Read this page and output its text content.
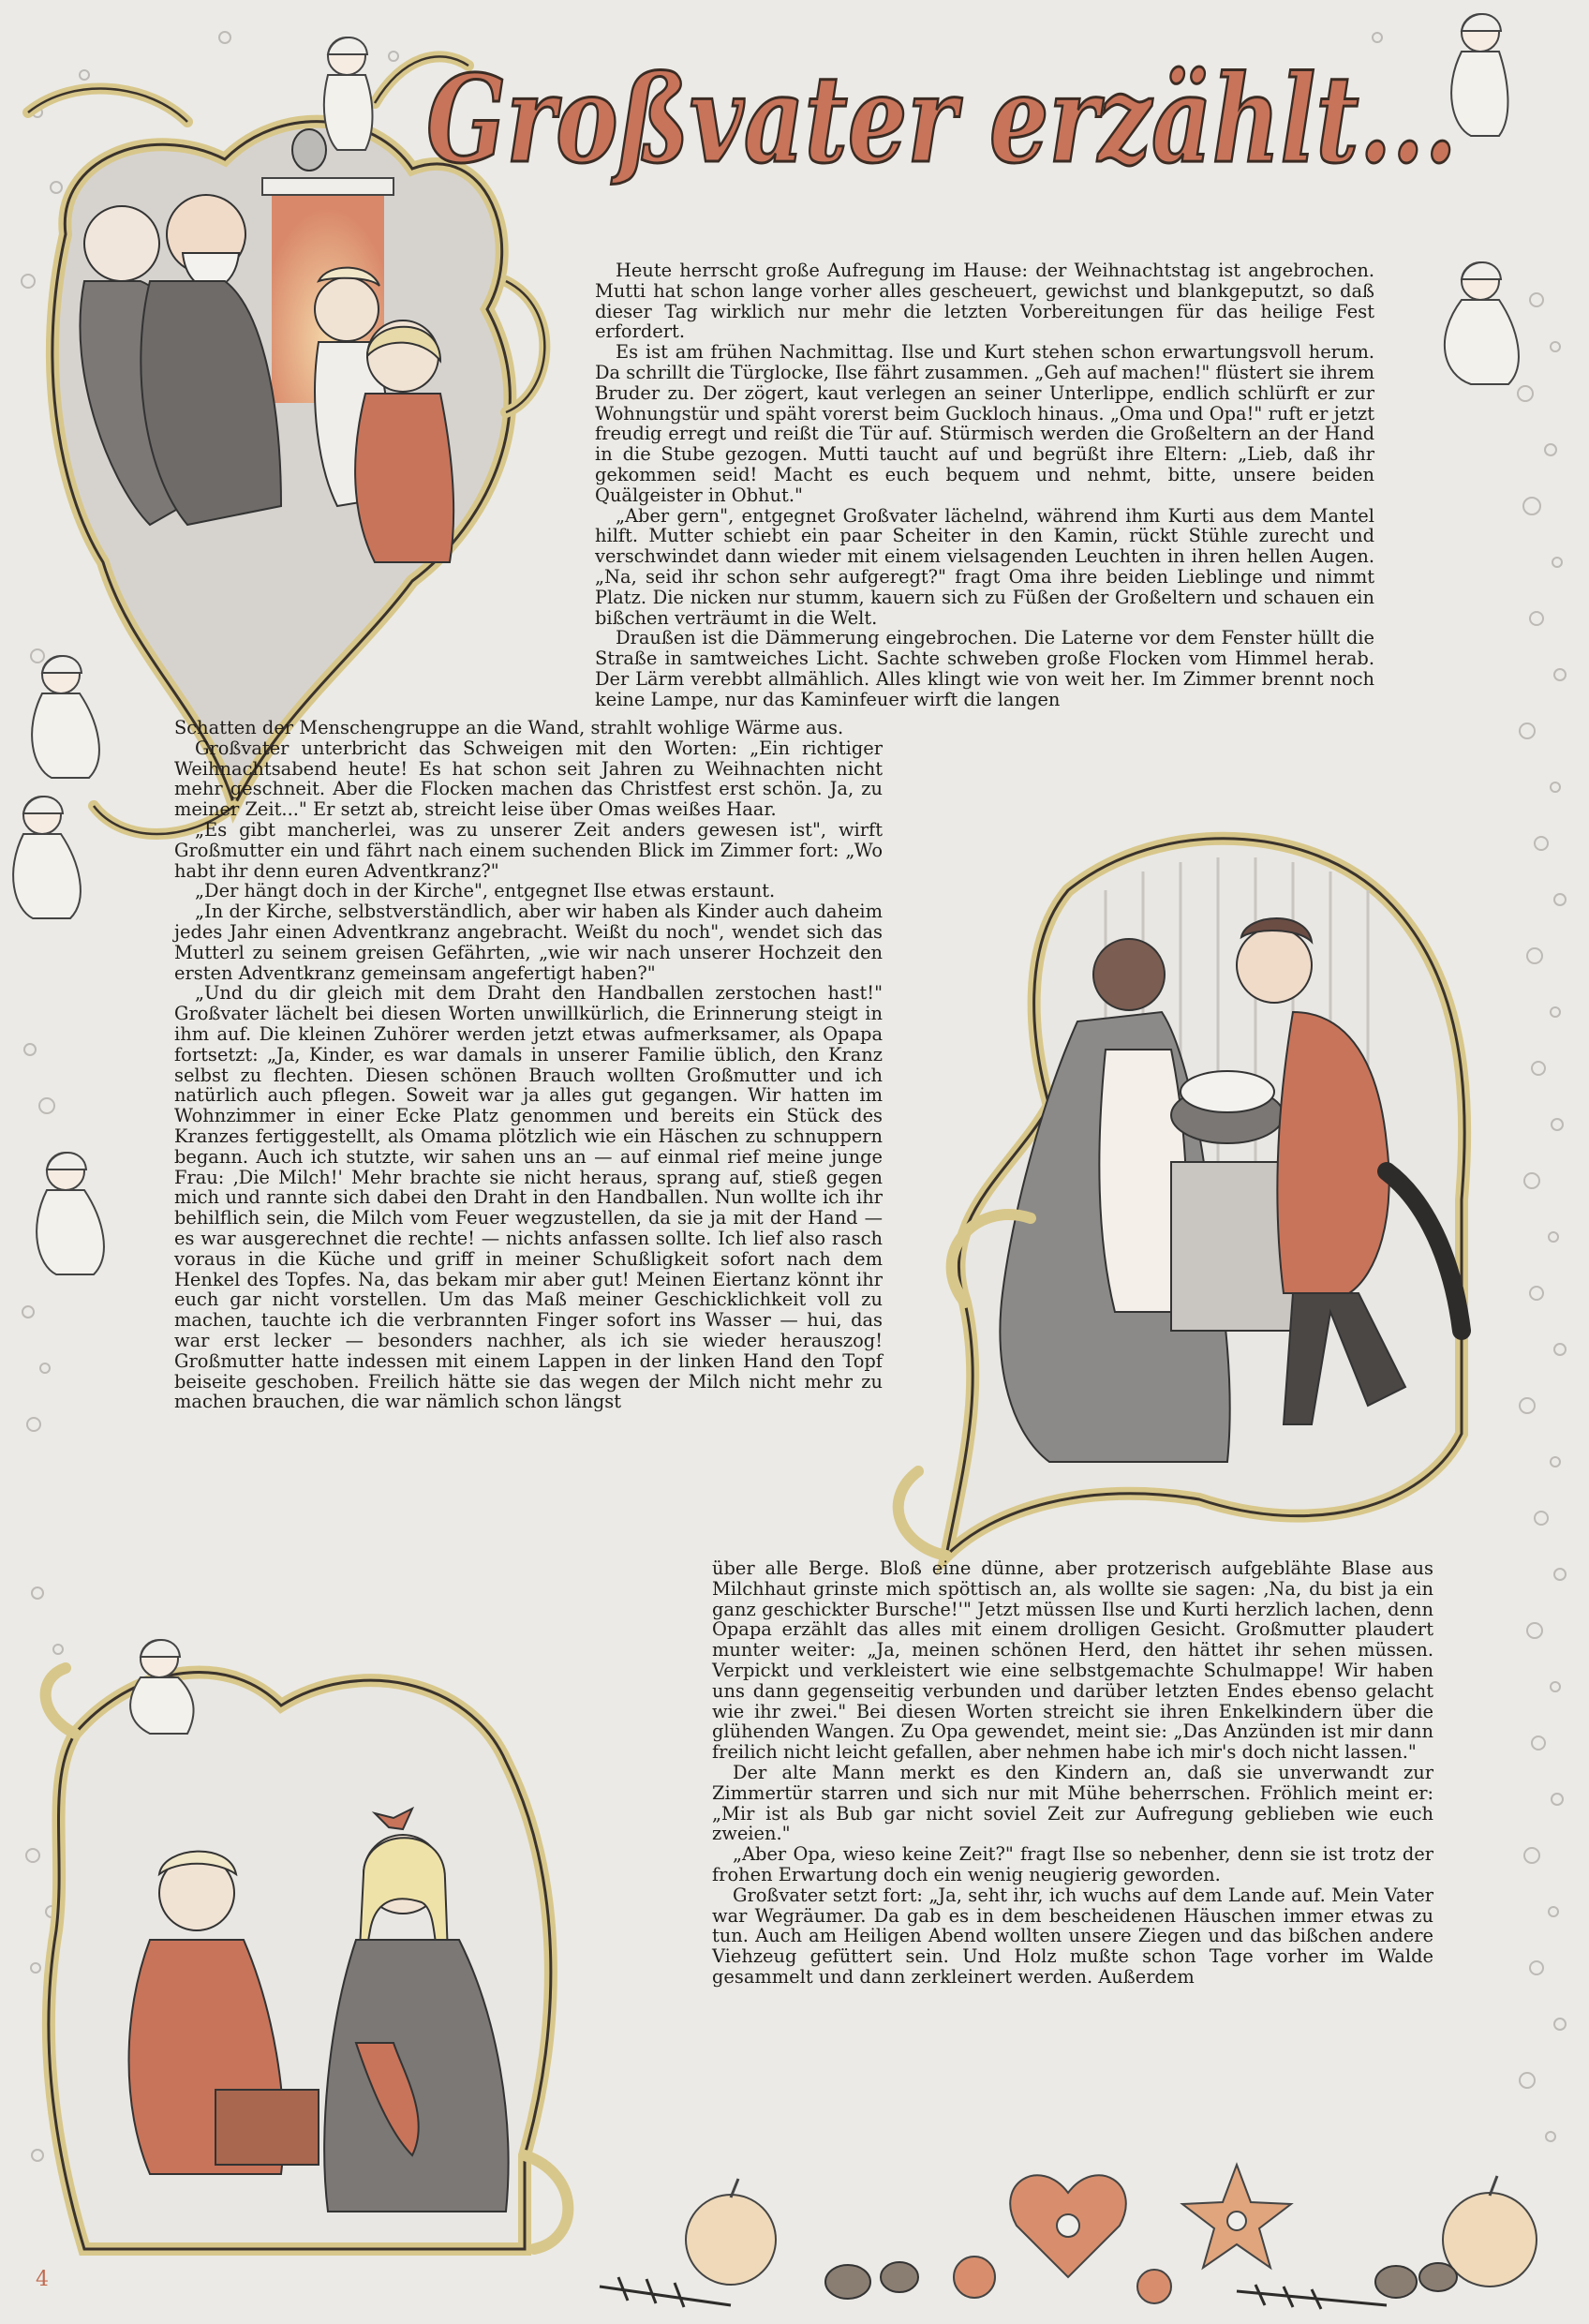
Großvater erzählt...

Heute herrscht große Aufregung im Hause: der Weihnachtstag ist angebrochen. Mutti hat schon lange vorher alles gescheuert, gewichst und blankgeputzt, so daß dieser Tag wirklich nur mehr die letzten Vorbereitungen für das heilige Fest erfordert.

Es ist am frühen Nachmittag. Ilse und Kurt stehen schon erwartungsvoll herum. Da schrillt die Türglocke, Ilse fährt zusammen. „Geh auf machen!" flüstert sie ihrem Bruder zu. Der zögert, kaut verlegen an seiner Unterlippe, endlich schlürft er zur Wohnungstür und späht vorerst beim Guckloch hinaus. „Oma und Opa!" ruft er jetzt freudig erregt und reißt die Tür auf. Stürmisch werden die Großeltern an der Hand in die Stube gezogen. Mutti taucht auf und begrüßt ihre Eltern: „Lieb, daß ihr gekommen seid! Macht es euch bequem und nehmt, bitte, unsere beiden Quälgeister in Obhut."

„Aber gern", entgegnet Großvater lächelnd, während ihm Kurti aus dem Mantel hilft. Mutter schiebt ein paar Scheiter in den Kamin, rückt Stühle zurecht und verschwindet dann wieder mit einem vielsagenden Leuchten in ihren hellen Augen. „Na, seid ihr schon sehr aufgeregt?" fragt Oma ihre beiden Lieblinge und nimmt Platz. Die nicken nur stumm, kauern sich zu Füßen der Großeltern und schauen ein bißchen verträumt in die Welt.

Draußen ist die Dämmerung eingebrochen. Die Laterne vor dem Fenster hüllt die Straße in samtweiches Licht. Sachte schweben große Flocken vom Himmel herab. Der Lärm verebbt allmählich. Alles klingt wie von weit her. Im Zimmer brennt noch keine Lampe, nur das Kaminfeuer wirft die langen

Schatten der Menschengruppe an die Wand, strahlt wohlige Wärme aus.

Großvater unterbricht das Schweigen mit den Worten: „Ein richtiger Weihnachtsabend heute! Es hat schon seit Jahren zu Weihnachten nicht mehr geschneit. Aber die Flocken machen das Christfest erst schön. Ja, zu meiner Zeit..." Er setzt ab, streicht leise über Omas weißes Haar.

„Es gibt mancherlei, was zu unserer Zeit anders gewesen ist", wirft Großmutter ein und fährt nach einem suchenden Blick im Zimmer fort: „Wo habt ihr denn euren Adventkranz?"

„Der hängt doch in der Kirche", entgegnet Ilse etwas erstaunt.

„In der Kirche, selbstverständlich, aber wir haben als Kinder auch daheim jedes Jahr einen Adventkranz angebracht. Weißt du noch", wendet sich das Mutterl zu seinem greisen Gefährten, „wie wir nach unserer Hochzeit den ersten Adventkranz gemeinsam angefertigt haben?"

„Und du dir gleich mit dem Draht den Handballen zerstochen hast!" Großvater lächelt bei diesen Worten unwillkürlich, die Erinnerung steigt in ihm auf. Die kleinen Zuhörer werden jetzt etwas aufmerksamer, als Opapa fortsetzt: „Ja, Kinder, es war damals in unserer Familie üblich, den Kranz selbst zu flechten. Diesen schönen Brauch wollten Großmutter und ich natürlich auch pflegen. Soweit war ja alles gut gegangen. Wir hatten im Wohnzimmer in einer Ecke Platz genommen und bereits ein Stück des Kranzes fertiggestellt, als Omama plötzlich wie ein Häschen zu schnuppern begann. Auch ich stutzte, wir sahen uns an — auf einmal rief meine junge Frau: ‚Die Milch!' Mehr brachte sie nicht heraus, sprang auf, stieß gegen mich und rannte sich dabei den Draht in den Handballen. Nun wollte ich ihr behilflich sein, die Milch vom Feuer wegzustellen, da sie ja mit der Hand — es war ausgerechnet die rechte! — nichts anfassen sollte. Ich lief also rasch voraus in die Küche und griff in meiner Schußligkeit sofort nach dem Henkel des Topfes. Na, das bekam mir aber gut! Meinen Eiertanz könnt ihr euch gar nicht vorstellen. Um das Maß meiner Geschicklichkeit voll zu machen, tauchte ich die verbrannten Finger sofort ins Wasser — hui, das war erst lecker — besonders nachher, als ich sie wieder herauszog! Großmutter hatte indessen mit einem Lappen in der linken Hand den Topf beiseite geschoben. Freilich hätte sie das wegen der Milch nicht mehr zu machen brauchen, die war nämlich schon längst

über alle Berge. Bloß eine dünne, aber protzerisch aufgeblähte Blase aus Milchhaut grinste mich spöttisch an, als wollte sie sagen: ‚Na, du bist ja ein ganz geschickter Bursche!'" Jetzt müssen Ilse und Kurti herzlich lachen, denn Opapa erzählt das alles mit einem drolligen Gesicht. Großmutter plaudert munter weiter: „Ja, meinen schönen Herd, den hättet ihr sehen müssen. Verpickt und verkleistert wie eine selbstgemachte Schulmappe! Wir haben uns dann gegenseitig verbunden und darüber letzten Endes ebenso gelacht wie ihr zwei." Bei diesen Worten streicht sie ihren Enkelkindern über die glühenden Wangen. Zu Opa gewendet, meint sie: „Das Anzünden ist mir dann freilich nicht leicht gefallen, aber nehmen habe ich mir's doch nicht lassen."

Der alte Mann merkt es den Kindern an, daß sie unverwandt zur Zimmertür starren und sich nur mit Mühe beherrschen. Fröhlich meint er: „Mir ist als Bub gar nicht soviel Zeit zur Aufregung geblieben wie euch zweien."

„Aber Opa, wieso keine Zeit?" fragt Ilse so nebenher, denn sie ist trotz der frohen Erwartung doch ein wenig neugierig geworden.

Großvater setzt fort: „Ja, seht ihr, ich wuchs auf dem Lande auf. Mein Vater war Wegräumer. Da gab es in dem bescheidenen Häuschen immer etwas zu tun. Auch am Heiligen Abend wollten unsere Ziegen und das bißchen andere Viehzeug gefüttert sein. Und Holz mußte schon Tage vorher im Walde gesammelt und dann zerkleinert werden. Außerdem

4
